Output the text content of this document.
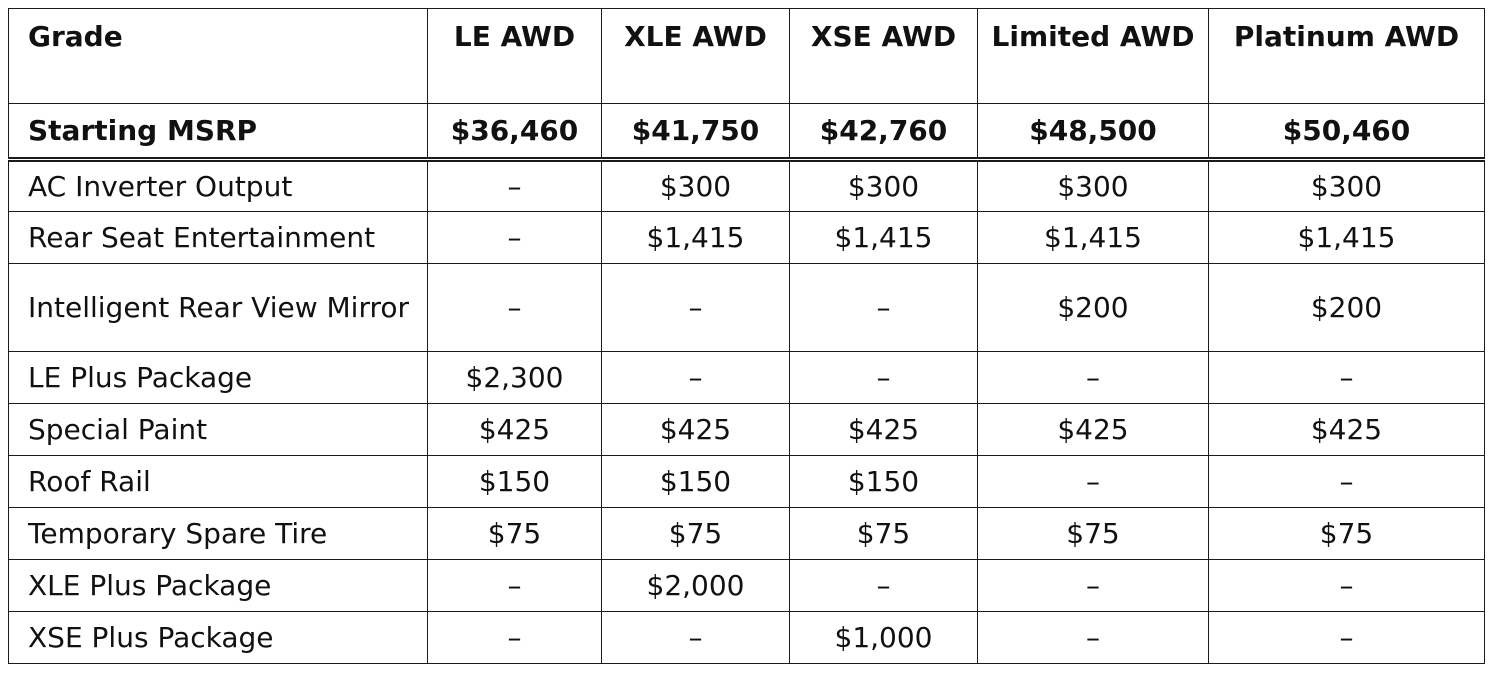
Grade	LE AWD	XLE AWD	XSE AWD	Limited AWD	Platinum AWD
Starting MSRP	$36,460	$41,750	$42,760	$48,500	$50,460
AC Inverter Output	–	$300	$300	$300	$300
Rear Seat Entertainment	–	$1,415	$1,415	$1,415	$1,415
Intelligent Rear View Mirror	–	–	–	$200	$200
LE Plus Package	$2,300	–	–	–	–
Special Paint	$425	$425	$425	$425	$425
Roof Rail	$150	$150	$150	–	–
Temporary Spare Tire	$75	$75	$75	$75	$75
XLE Plus Package	–	$2,000	–	–	–
XSE Plus Package	–	–	$1,000	–	–
